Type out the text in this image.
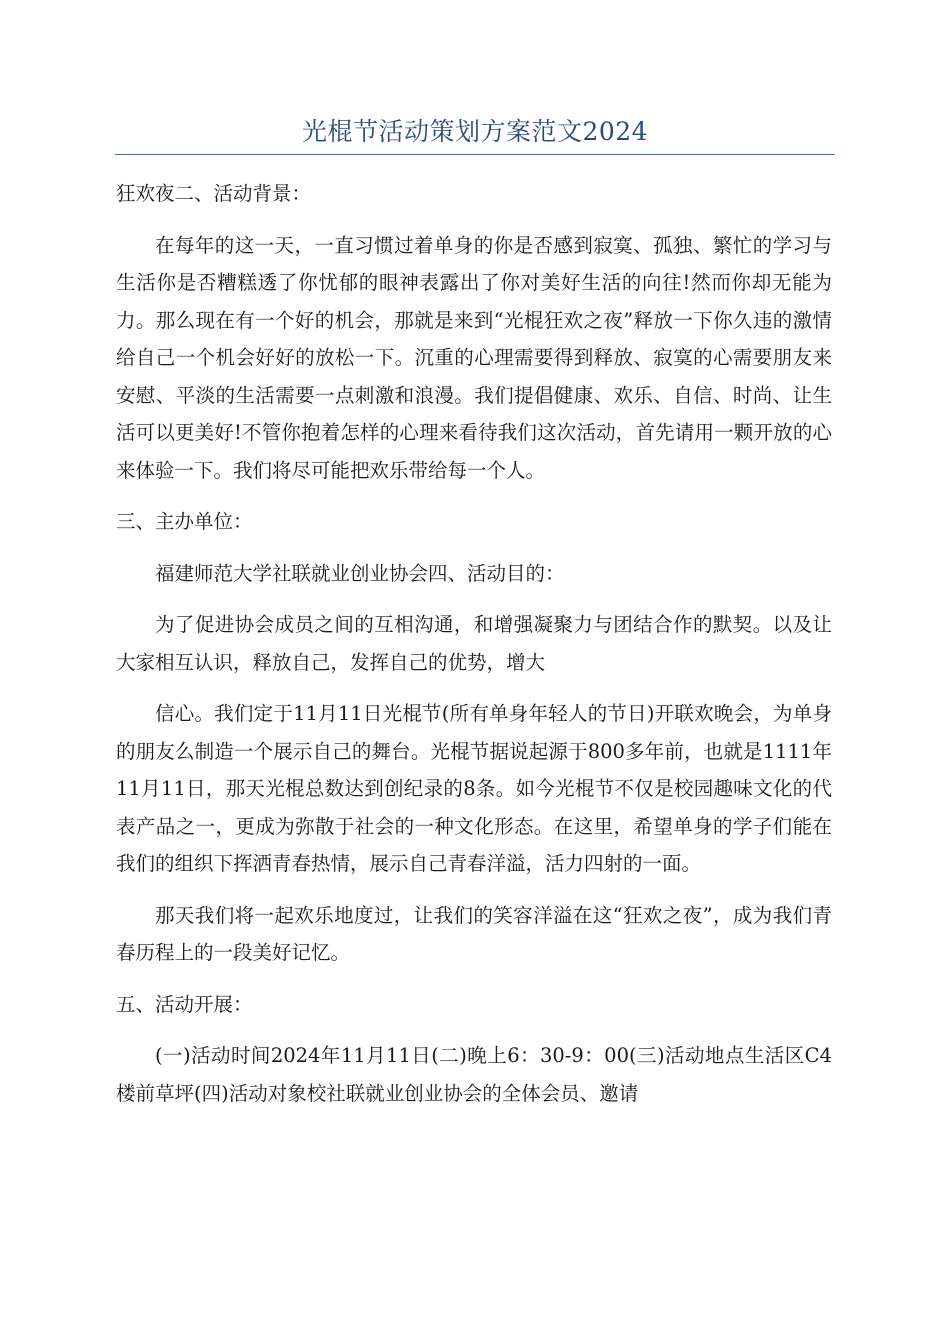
光棍节活动策划方案范文2024

狂欢夜二、活动背景：

在每年的这一天，一直习惯过着单身的你是否感到寂寞、孤独、繁忙的学习与生活你是否糟糕透了你忧郁的眼神表露出了你对美好生活的向往!然而你却无能为力。那么现在有一个好的机会，那就是来到“光棍狂欢之夜”释放一下你久违的激情给自己一个机会好好的放松一下。沉重的心理需要得到释放、寂寞的心需要朋友来安慰、平淡的生活需要一点刺激和浪漫。我们提倡健康、欢乐、自信、时尚、让生活可以更美好!不管你抱着怎样的心理来看待我们这次活动，首先请用一颗开放的心来体验一下。我们将尽可能把欢乐带给每一个人。

三、主办单位：

福建师范大学社联就业创业协会四、活动目的：

为了促进协会成员之间的互相沟通，和增强凝聚力与团结合作的默契。以及让大家相互认识，释放自己，发挥自己的优势，增大

信心。我们定于11月11日光棍节(所有单身年轻人的节日)开联欢晚会，为单身的朋友么制造一个展示自己的舞台。光棍节据说起源于800多年前，也就是1111年11月11日，那天光棍总数达到创纪录的8条。如今光棍节不仅是校园趣味文化的代表产品之一，更成为弥散于社会的一种文化形态。在这里，希望单身的学子们能在我们的组织下挥洒青春热情，展示自己青春洋溢，活力四射的一面。

那天我们将一起欢乐地度过，让我们的笑容洋溢在这“狂欢之夜”，成为我们青春历程上的一段美好记忆。

五、活动开展：

(一)活动时间2024年11月11日(二)晚上6：30-9：00(三)活动地点生活区C4楼前草坪(四)活动对象校社联就业创业协会的全体会员、邀请
